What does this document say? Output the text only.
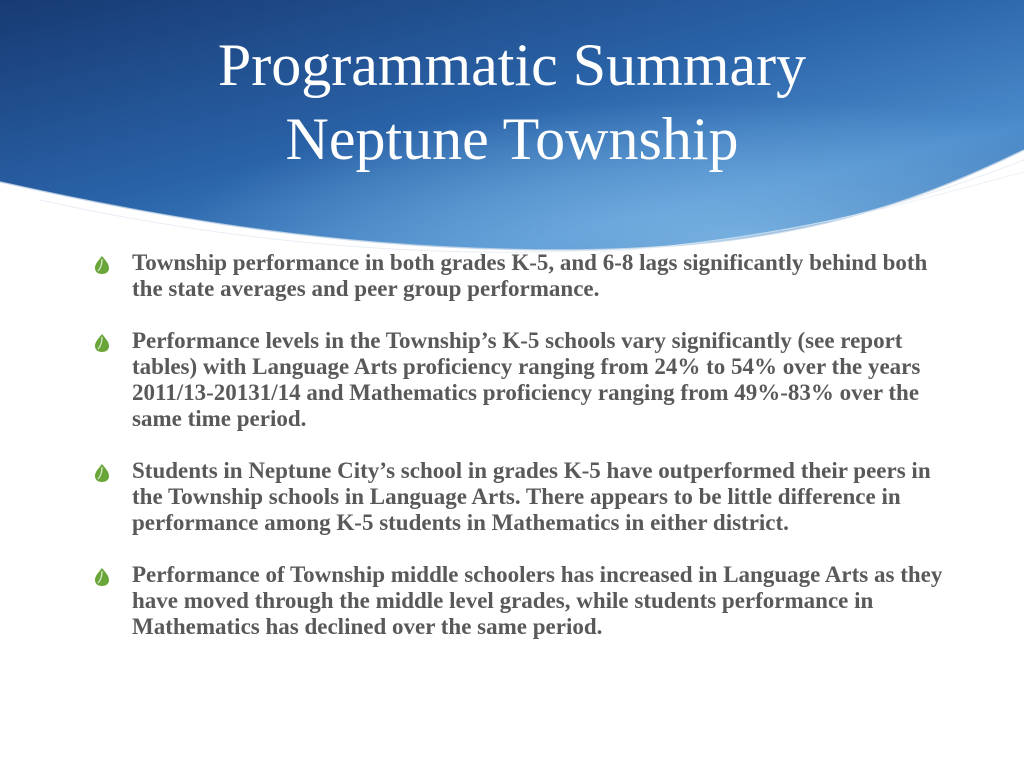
Programmatic Summary
Neptune Township
Township performance in both grades K-5, and 6-8 lags significantly behind both the state averages and peer group performance.
Performance levels in the Township’s K-5 schools vary significantly (see report tables) with Language Arts proficiency ranging from 24% to 54% over the years 2011/13-20131/14 and Mathematics proficiency ranging from 49%-83% over the same time period.
Students in Neptune City’s school in grades K-5 have outperformed their peers in the Township schools in Language Arts. There appears to be little difference in performance among K-5 students in Mathematics in either district.
Performance of Township middle schoolers has increased in Language Arts as they have moved through the middle level grades, while students performance in Mathematics has declined over the same period.
